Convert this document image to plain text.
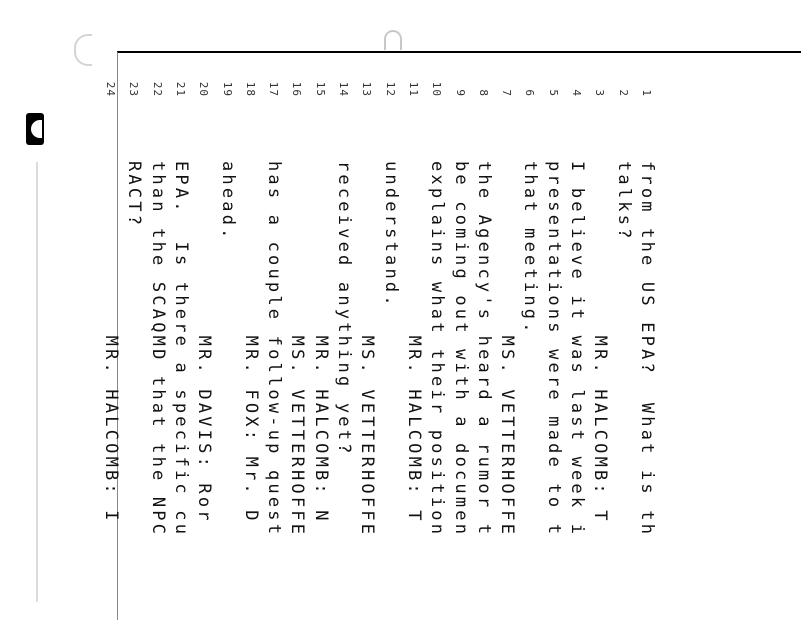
1
from the US EPA?  What is th
2
talks?
3
MR. HALCOMB: T
4
I believe it was last week i
5
presentations were made to t
6
that meeting.
7
MS. VETTERHOFFE
8
the Agency's heard a rumor t
9
be coming out with a documen
10
explains what their position
11
MR. HALCOMB: T
12
understand.
13
MS. VETTERHOFFE
14
received anything yet?
15
MR. HALCOMB: N
16
MS. VETTERHOFFE
17
has a couple follow-up quest
18
MR. FOX: Mr. D
19
ahead.
20
MR. DAVIS: Ror
21
EPA.  Is there a specific cu
22
than the SCAQMD that the NPC
23
RACT?
24
MR. HALCOMB: I
